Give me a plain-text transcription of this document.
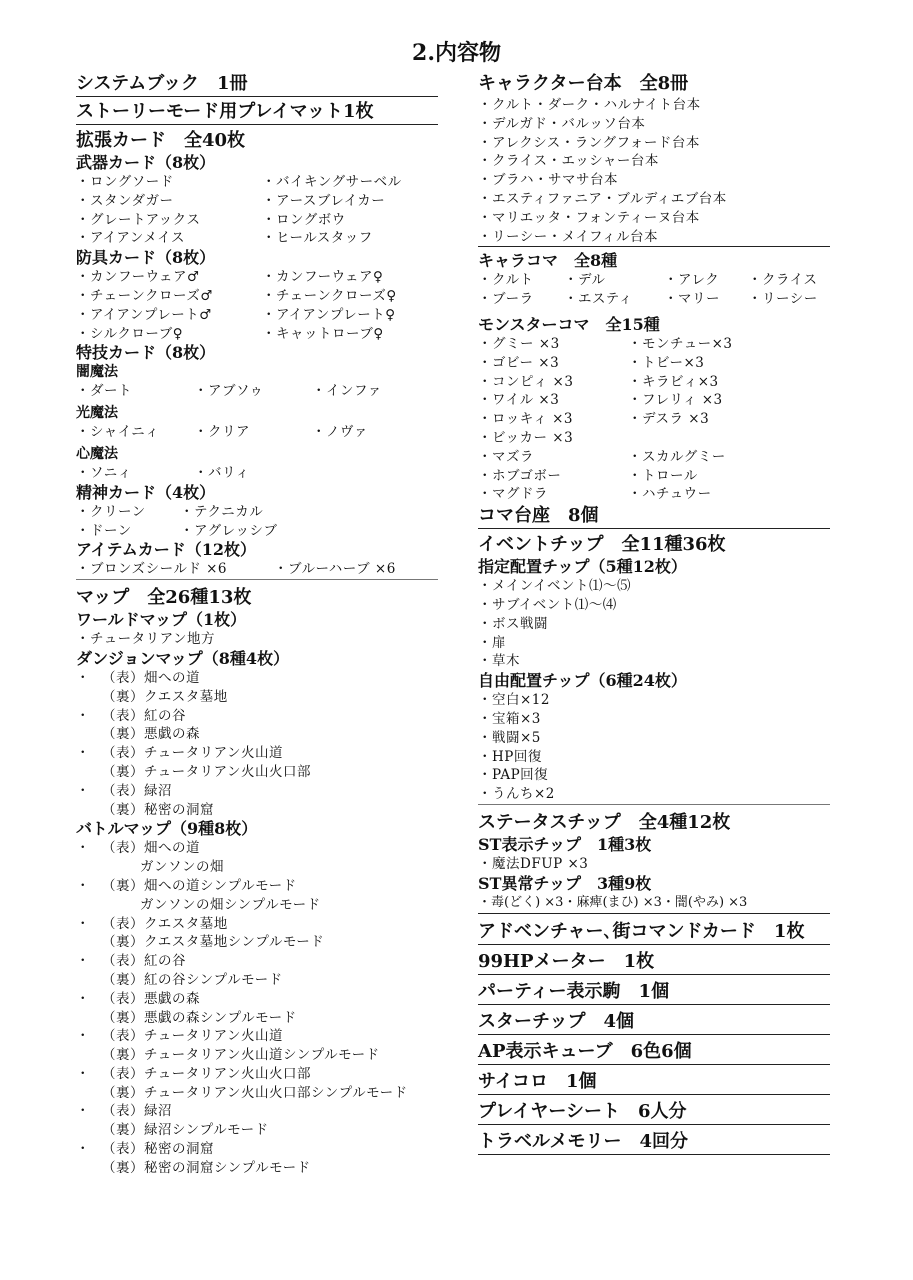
2.内容物
システムブック　1冊
ストーリーモード用プレイマット1枚
拡張カード　全40枚
武器カード（8枚）
・ロングソード	・バイキングサーベル
・スタンダガー	・アースブレイカー
・グレートアックス	・ロングボウ
・アイアンメイス	・ヒールスタッフ
防具カード（8枚）
・カンフーウェア♂	・カンフーウェア♀
・チェーンクローズ♂	・チェーンクローズ♀
・アイアンプレート♂	・アイアンプレート♀
・シルクローブ♀	・キャットローブ♀
特技カード（8枚）
闇魔法
・ダート	・アブソゥ	・インファ
光魔法
・シャイニィ	・クリア	・ノヴァ
心魔法
・ソニィ	・バリィ
精神カード（4枚）
・クリーン	・テクニカル
・ドーン	・アグレッシブ
アイテムカード（12枚）
・ブロンズシールド ×6	・ブルーハーブ ×6
マップ　全26種13枚
ワールドマップ（1枚）
・チュータリアン地方
ダンジョンマップ（8種4枚）
・ （表）畑への道
（裏）クエスタ墓地
・ （表）紅の谷
（裏）悪戯の森
・ （表）チュータリアン火山道
（裏）チュータリアン火山火口部
・ （表）緑沼
（裏）秘密の洞窟
バトルマップ（9種8枚）
・ （表）畑への道
ガンソンの畑
・ （裏）畑への道シンプルモード
ガンソンの畑シンプルモード
・ （表）クエスタ墓地
（裏）クエスタ墓地シンプルモード
・ （表）紅の谷
（裏）紅の谷シンプルモード
・ （表）悪戯の森
（裏）悪戯の森シンプルモード
・ （表）チュータリアン火山道
（裏）チュータリアン火山道シンプルモード
・ （表）チュータリアン火山火口部
（裏）チュータリアン火山火口部シンプルモード
・ （表）緑沼
（裏）緑沼シンプルモード
・ （表）秘密の洞窟
（裏）秘密の洞窟シンプルモード
キャラクター台本　全8冊
・クルト・ダーク・ハルナイト台本
・デルガド・バルッソ台本
・アレクシス・ラングフォード台本
・クライス・エッシャー台本
・ブラハ・サマサ台本
・エスティファニア・ブルディエブ台本
・マリエッタ・フォンティーヌ台本
・リーシー・メイフィル台本
キャラコマ　全8種
・クルト	・デル	・アレク	・クライス
・ブーラ	・エスティ	・マリー	・リーシー
モンスターコマ　全15種
・グミー ×3	・モンチュー×3
・ゴビー ×3	・トビー×3
・コンピィ ×3	・キラビィ×3
・ワイル ×3	・フレリィ ×3
・ロッキィ ×3	・デスラ ×3
・ビッカー ×3
・マズラ	・スカルグミー
・ホブゴボー	・トロール
・マグドラ	・ハチュウー
コマ台座　8個
イベントチップ　全11種36枚
指定配置チップ（5種12枚）
・メインイベント⑴〜⑸
・サブイベント⑴〜⑷
・ボス戦闘
・扉
・草木
自由配置チップ（6種24枚）
・空白×12
・宝箱×3
・戦闘×5
・HP回復
・PAP回復
・うんち×2
ステータスチップ　全4種12枚
ST表示チップ　1種3枚
・魔法DFUP ×3
ST異常チップ　3種9枚
・毒(どく) ×3・麻痺(まひ) ×3・闇(やみ) ×3
アドベンチャー､街コマンドカード　1枚
99HPメーター　1枚
パーティー表示駒　1個
スターチップ　4個
AP表示キューブ　6色6個
サイコロ　1個
プレイヤーシート　6人分
トラベルメモリー　4回分
